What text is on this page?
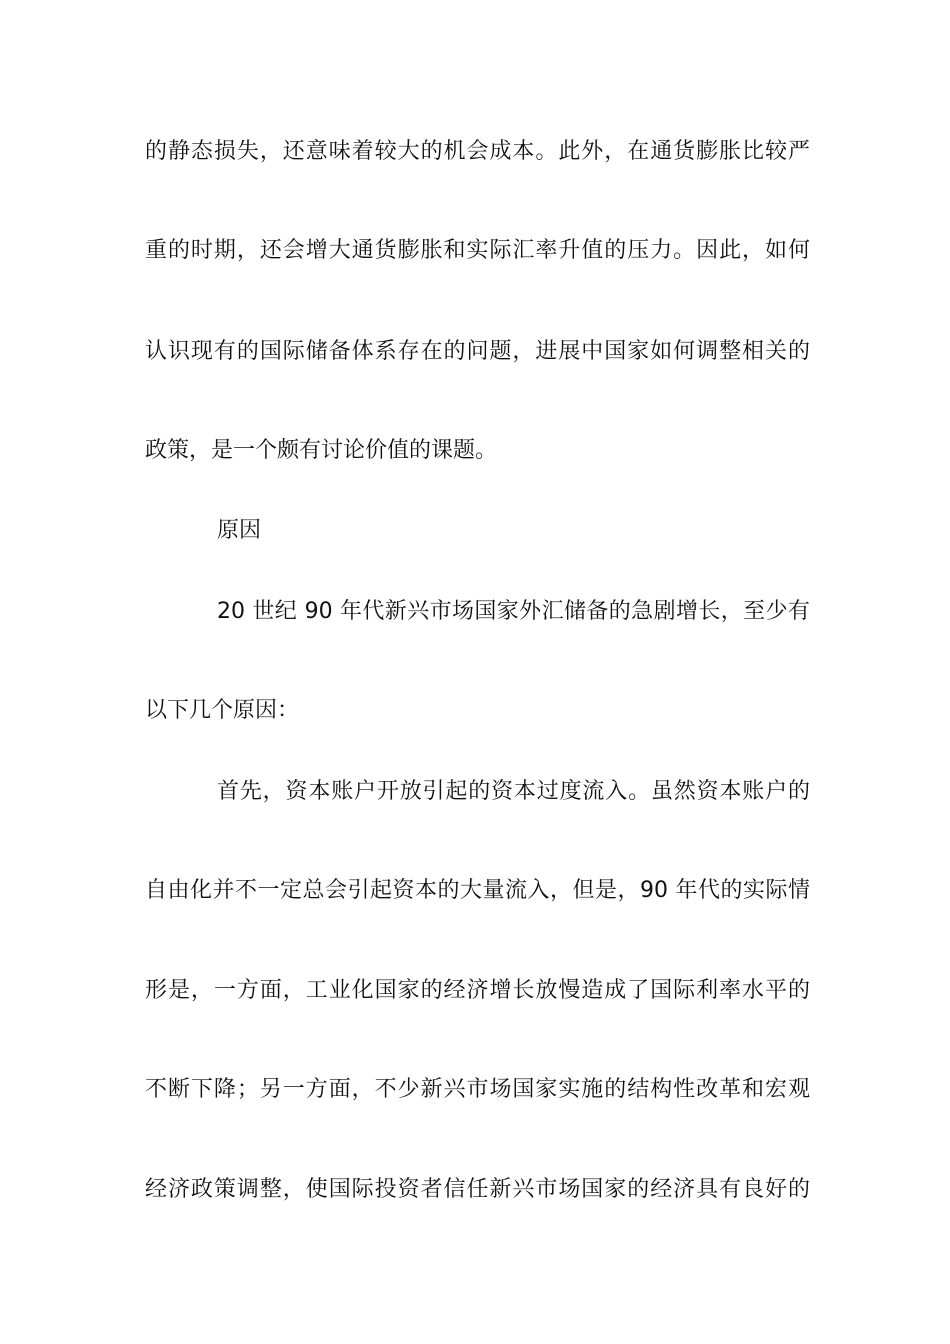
的静态损失，还意味着较大的机会成本。此外，在通货膨胀比较严
重的时期，还会增大通货膨胀和实际汇率升值的压力。因此，如何
认识现有的国际储备体系存在的问题，进展中国家如何调整相关的
政策，是一个颇有讨论价值的课题。
原因
20 世纪 90 年代新兴市场国家外汇储备的急剧增长，至少有
以下几个原因：
首先，资本账户开放引起的资本过度流入。虽然资本账户的
自由化并不一定总会引起资本的大量流入，但是，90 年代的实际情
形是，一方面，工业化国家的经济增长放慢造成了国际利率水平的
不断下降；另一方面，不少新兴市场国家实施的结构性改革和宏观
经济政策调整，使国际投资者信任新兴市场国家的经济具有良好的
